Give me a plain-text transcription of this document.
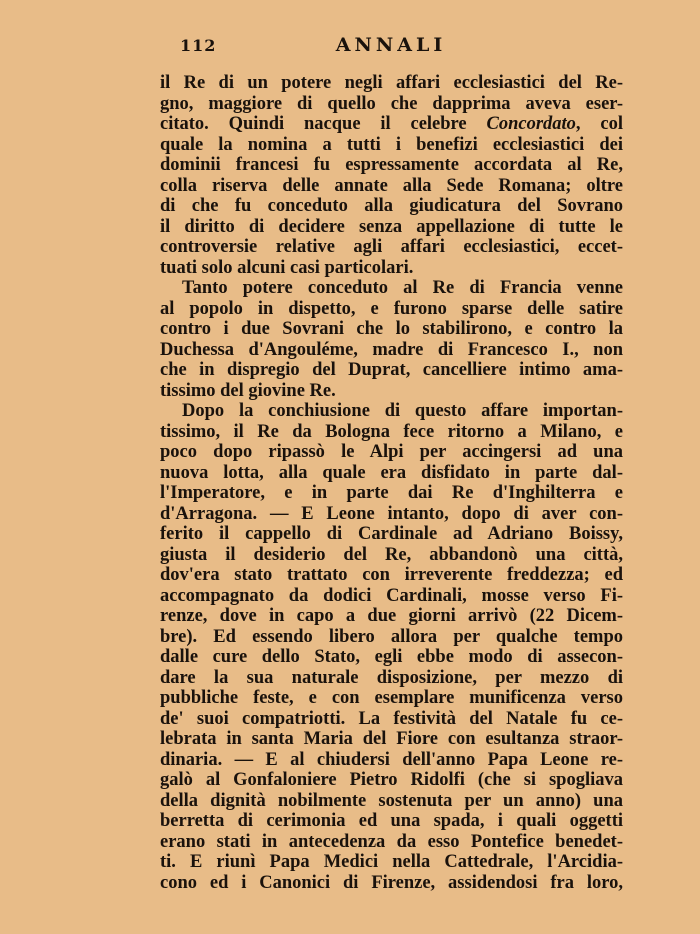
112	ANNALI
il Re di un potere negli affari ecclesiastici del Re-
gno, maggiore di quello che dapprima aveva eser-
citato. Quindi nacque il celebre Concordato, col
quale la nomina a tutti i benefizi ecclesiastici dei
dominii francesi fu espressamente accordata al Re,
colla riserva delle annate alla Sede Romana; oltre
di che fu conceduto alla giudicatura del Sovrano
il diritto di decidere senza appellazione di tutte le
controversie relative agli affari ecclesiastici, eccet-
tuati solo alcuni casi particolari.
Tanto potere conceduto al Re di Francia venne
al popolo in dispetto, e furono sparse delle satire
contro i due Sovrani che lo stabilirono, e contro la
Duchessa d'Angouléme, madre di Francesco I., non
che in dispregio del Duprat, cancelliere intimo ama-
tissimo del giovine Re.
Dopo la conchiusione di questo affare importan-
tissimo, il Re da Bologna fece ritorno a Milano, e
poco dopo ripassò le Alpi per accingersi ad una
nuova lotta, alla quale era disfidato in parte dal-
l'Imperatore, e in parte dai Re d'Inghilterra e
d'Arragona. — E Leone intanto, dopo di aver con-
ferito il cappello di Cardinale ad Adriano Boissy,
giusta il desiderio del Re, abbandonò una città,
dov'era stato trattato con irreverente freddezza; ed
accompagnato da dodici Cardinali, mosse verso Fi-
renze, dove in capo a due giorni arrivò (22 Dicem-
bre). Ed essendo libero allora per qualche tempo
dalle cure dello Stato, egli ebbe modo di assecon-
dare la sua naturale disposizione, per mezzo di
pubbliche feste, e con esemplare munificenza verso
de' suoi compatriotti. La festività del Natale fu ce-
lebrata in santa Maria del Fiore con esultanza straor-
dinaria. — E al chiudersi dell'anno Papa Leone re-
galò al Gonfaloniere Pietro Ridolfi (che si spogliava
della dignità nobilmente sostenuta per un anno) una
berretta di cerimonia ed una spada, i quali oggetti
erano stati in antecedenza da esso Pontefice benedet-
ti. E riunì Papa Medici nella Cattedrale, l'Arcidia-
cono ed i Canonici di Firenze, assidendosi fra loro,
